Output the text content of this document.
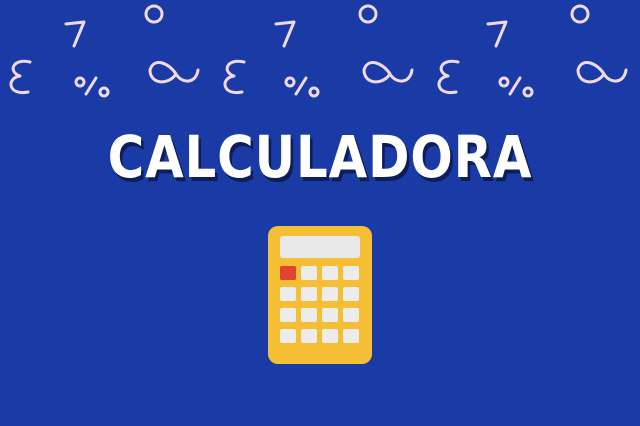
CALCULADORA
